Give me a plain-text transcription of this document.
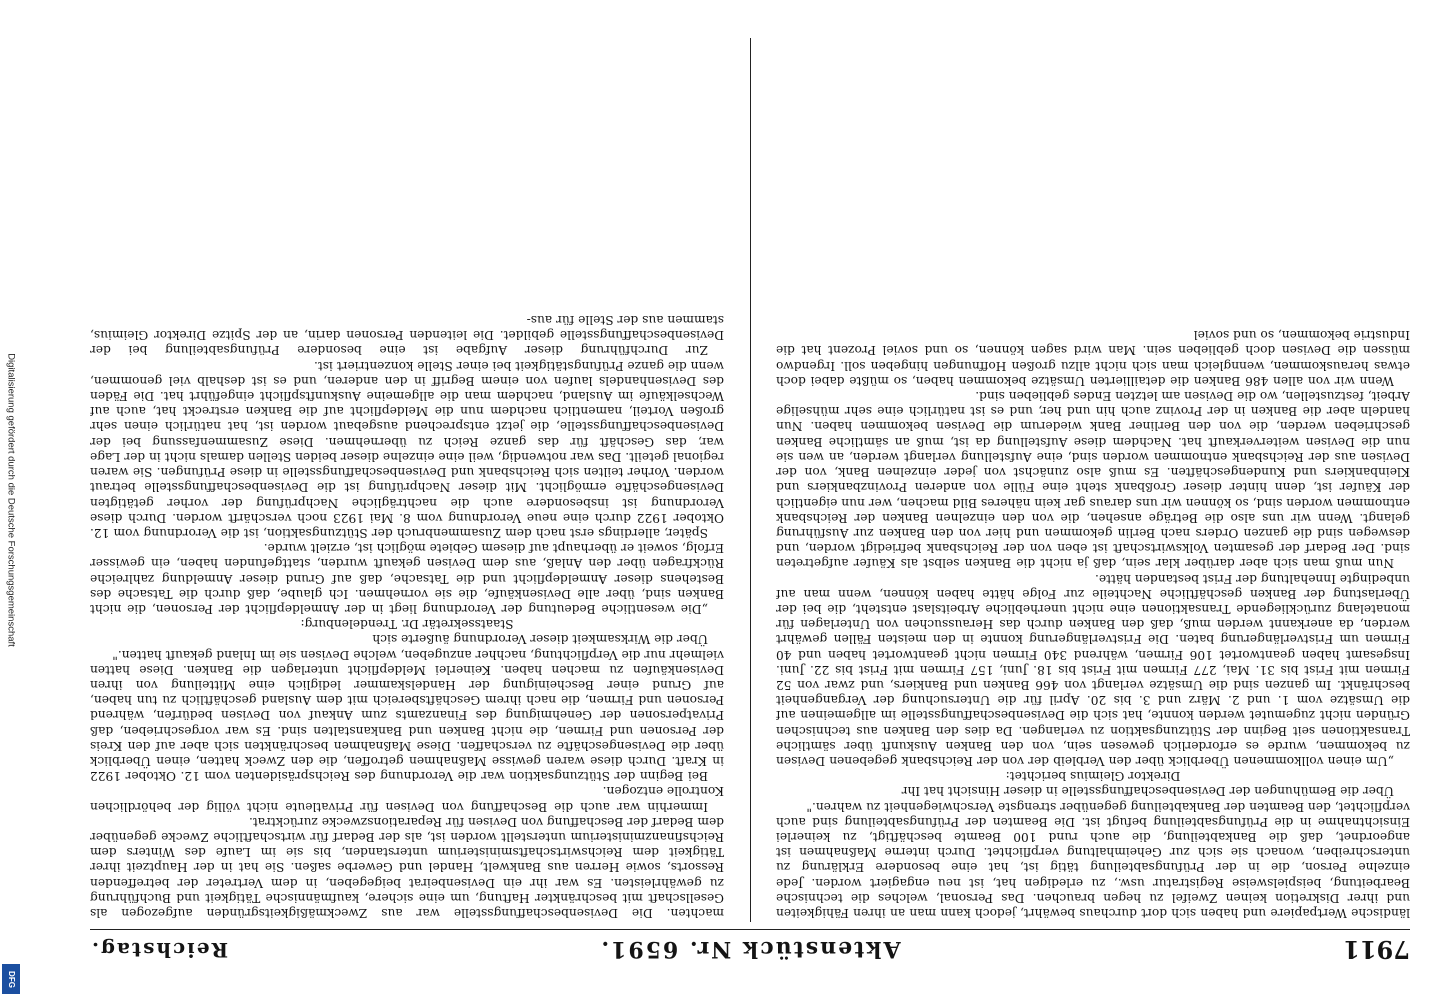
Digitalisierung gefördert durch die Deutsche Forschungsgemeinschaft
DFG
7911
Aktenstück Nr. 6591.
Reichstag.

ländische Wertpapiere und haben sich dort durchaus bewährt, jedoch kann man an ihren Fähigkeiten und ihrer Diskretion keinen Zweifel zu hegen brauchen. Das Personal, welches die technische Bearbeitung, beispielsweise Registratur usw., zu erledigen hat, ist neu engagiert worden. Jede einzelne Person, die in der Prüfungsabteilung tätig ist, hat eine besondere Erklärung zu unterschreiben, wonach sie sich zur Geheimhaltung verpflichtet. Durch interne Maßnahmen ist angeordnet, daß die Bankabteilung, die auch rund 100 Beamte beschäftigt, zu keinerlei Einsichtnahme in die Prüfungsabteilung befugt ist. Die Beamten der Prüfungsabteilung sind auch verpflichtet, den Beamten der Bankabteilung gegenüber strengste Verschwiegenheit zu wahren."

Über die Bemühungen der Devisenbeschaffungsstelle in dieser Hinsicht hat Ihr

Direktor Gleimius berichtet:

„Um einen vollkommenen Überblick über den Verbleib der von der Reichsbank gegebenen Devisen zu bekommen, wurde es erforderlich gewesen sein, von den Banken Auskunft über sämtliche Transaktionen seit Beginn der Stützungsaktion zu verlangen. Da dies den Banken aus technischen Gründen nicht zugemutet werden konnte, hat sich die Devisenbeschaffungsstelle im allgemeinen auf die Umsätze vom 1. und 2. März und 3. bis 20. April für die Untersuchung der Vergangenheit beschränkt. Im ganzen sind die Umsätze verlangt von 466 Banken und Bankiers, und zwar von 52 Firmen mit Frist bis 31. Mai, 277 Firmen mit Frist bis 18. Juni, 157 Firmen mit Frist bis 22. Juni. Insgesamt haben geantwortet 106 Firmen, während 340 Firmen nicht geantwortet haben und 40 Firmen um Fristverlängerung baten. Die Fristverlängerung konnte in den meisten Fällen gewährt werden, da anerkannt werden muß, daß den Banken durch das Heraussuchen von Unterlagen für monatelang zurückliegende Transaktionen eine nicht unerhebliche Arbeitslast entsteht, die bei der Überlastung der Banken geschäftliche Nachteile zur Folge hätte haben können, wenn man auf unbedingte Innehaltung der Frist bestanden hätte.

Nun muß man sich aber darüber klar sein, daß ja nicht die Banken selbst als Käufer aufgetreten sind. Der Bedarf der gesamten Volkswirtschaft ist eben von der Reichsbank befriedigt worden, und deswegen sind die ganzen Orders nach Berlin gekommen und hier von den Banken zur Ausführung gelangt. Wenn wir uns also die Beträge ansehen, die von den einzelnen Banken der Reichsbank entnommen worden sind, so können wir uns daraus gar kein näheres Bild machen, wer nun eigentlich der Käufer ist, denn hinter dieser Großbank steht eine Fülle von anderen Provinzbankiers und Kleinbankiers und Kundengeschäften. Es muß also zunächst von jeder einzelnen Bank, von der Devisen aus der Reichsbank entnommen worden sind, eine Aufstellung verlangt werden, an wen sie nun die Devisen weiterverkauft hat. Nachdem diese Aufstellung da ist, muß an sämtliche Banken geschrieben werden, die von den Berliner Bank wiederum die Devisen bekommen haben. Nun handeln aber die Banken in der Provinz auch hin und her, und es ist natürlich eine sehr mühselige Arbeit, festzustellen, wo die Devisen am letzten Endes geblieben sind.

Wenn wir von allen 486 Banken die detaillierten Umsätze bekommen haben, so müßte dabei doch etwas herauskommen, wenngleich man sich nicht allzu großen Hoffnungen hingeben soll. Irgendwo müssen die Devisen doch geblieben sein. Man wird sagen können, so und soviel Prozent hat die Industrie bekommen, so und soviel

machten. Die Devisenbeschaffungsstelle war aus Zweckmäßigkeitsgründen aufgezogen als Gesellschaft mit beschränkter Haftung, um eine sichere, kaufmännische Tätigkeit und Buchführung zu gewährleisten. Es war ihr ein Devisenbeirat beigegeben, in dem Vertreter der betreffenden Ressorts, sowie Herren aus Bankwelt, Handel und Gewerbe saßen. Sie hat in der Hauptzeit ihrer Tätigkeit dem Reichswirtschaftsministerium unterstanden, bis sie im Laufe des Winters dem Reichsfinanzministerium unterstellt worden ist, als der Bedarf für wirtschaftliche Zwecke gegenüber dem Bedarf der Beschaffung von Devisen für Reparationszwecke zurücktrat.

Immerhin war auch die Beschaffung von Devisen für Privatleute nicht völlig der behördlichen Kontrolle entzogen.

Bei Beginn der Stützungsaktion war die Verordnung des Reichspräsidenten vom 12. Oktober 1922 in Kraft. Durch diese waren gewisse Maßnahmen getroffen, die den Zweck hatten, einen Überblick über die Devisengeschäfte zu verschaffen. Diese Maßnahmen beschränkten sich aber auf den Kreis der Personen und Firmen, die nicht Banken und Bankanstalten sind. Es war vorgeschrieben, daß Privatpersonen der Genehmigung des Finanzamts zum Ankauf von Devisen bedürfen, während Personen und Firmen, die nach ihrem Geschäftsbereich mit dem Ausland geschäftlich zu tun haben, auf Grund einer Bescheinigung der Handelskammer lediglich eine Mitteilung von ihren Devisenkäufen zu machen haben. Keinerlei Meldepflicht unterlagen die Banken. Diese hatten vielmehr nur die Verpflichtung, nachher anzugeben, welche Devisen sie im Inland gekauft hatten."

Über die Wirksamkeit dieser Verordnung äußerte sich

Staatssekretär Dr. Trendelenburg:

„Die wesentliche Bedeutung der Verordnung liegt in der Anmeldepflicht der Personen, die nicht Banken sind, über alle Devisenkäufe, die sie vornehmen. Ich glaube, daß durch die Tatsache des Bestehens dieser Anmeldepflicht und die Tatsache, daß auf Grund dieser Anmeldung zahlreiche Rückfragen über den Anlaß, aus dem Devisen gekauft wurden, stattgefunden haben, ein gewisser Erfolg, soweit er überhaupt auf diesem Gebiete möglich ist, erzielt wurde.

Später, allerdings erst nach dem Zusammenbruch der Stützungsaktion, ist die Verordnung vom 12. Oktober 1922 durch eine neue Verordnung vom 8. Mai 1923 noch verschärft worden. Durch diese Verordnung ist insbesondere auch die nachträgliche Nachprüfung der vorher getätigten Devisengeschäfte ermöglicht. Mit dieser Nachprüfung ist die Devisenbeschaffungsstelle betraut worden. Vorher teilten sich Reichsbank und Devisenbeschaffungsstelle in diese Prüfungen. Sie waren regional geteilt. Das war notwendig, weil eine einzelne dieser beiden Stellen damals nicht in der Lage war, das Geschäft für das ganze Reich zu übernehmen. Diese Zusammenfassung bei der Devisenbeschaffungsstelle, die jetzt entsprechend ausgebaut worden ist, hat natürlich einen sehr großen Vorteil, namentlich nachdem nun die Meldepflicht auf die Banken erstreckt hat, auch auf Wechselkäufe im Ausland, nachdem man die allgemeine Auskunftspflicht eingeführt hat. Die Fäden des Devisenhandels laufen von einem Begriff in den anderen, und es ist deshalb viel genommen, wenn die ganze Prüfungstätigkeit bei einer Stelle konzentriert ist.

Zur Durchführung dieser Aufgabe ist eine besondere Prüfungsabteilung bei der Devisenbeschaffungsstelle gebildet. Die leitenden Personen darin, an der Spitze Direktor Gleimius, stammen aus der Stelle für aus-
